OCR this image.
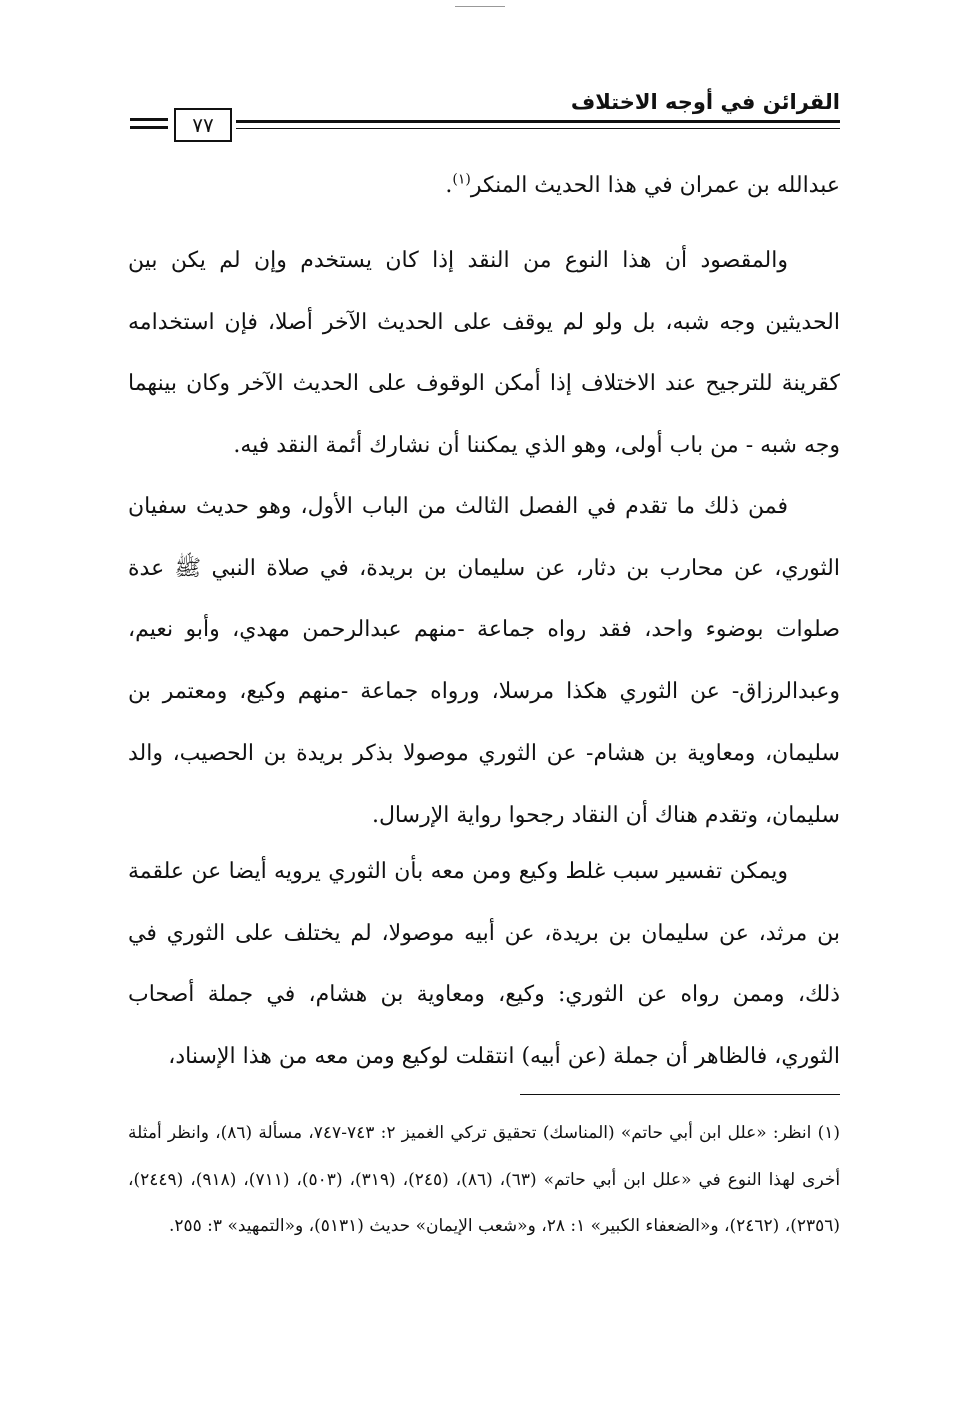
٧٧
القرائن في أوجه الاختلاف

عبدالله بن عمران في هذا الحديث المنكر$^{(١)}$.

والمقصود أن هذا النوع من النقد إذا كان يستخدم وإن لم يكن بين الحديثين وجه شبه، بل ولو لم يوقف على الحديث الآخر أصلا، فإن استخدامه كقرينة للترجيح عند الاختلاف إذا أمكن الوقوف على الحديث الآخر وكان بينهما وجه شبه - من باب أولى، وهو الذي يمكننا أن نشارك أئمة النقد فيه.

فمن ذلك ما تقدم في الفصل الثالث من الباب الأول، وهو حديث سفيان الثوري، عن محارب بن دثار، عن سليمان بن بريدة، في صلاة النبي ﷺ عدة صلوات بوضوء واحد، فقد رواه جماعة -منهم عبدالرحمن مهدي، وأبو نعيم، وعبدالرزاق- عن الثوري هكذا مرسلا، ورواه جماعة -منهم وكيع، ومعتمر بن سليمان، ومعاوية بن هشام- عن الثوري موصولا بذكر بريدة بن الحصيب، والد سليمان، وتقدم هناك أن النقاد رجحوا رواية الإرسال.

ويمكن تفسير سبب غلط وكيع ومن معه بأن الثوري يرويه أيضا عن علقمة بن مرثد، عن سليمان بن بريدة، عن أبيه موصولا، لم يختلف على الثوري في ذلك، وممن رواه عن الثوري: وكيع، ومعاوية بن هشام، في جملة أصحاب الثوري، فالظاهر أن جملة (عن أبيه) انتقلت لوكيع ومن معه من هذا الإسناد،

(١) انظر: «علل ابن أبي حاتم» (المناسك) تحقيق تركي الغميز ٢: ٧٤٣-٧٤٧، مسألة (٨٦)، وانظر أمثلة أخرى لهذا النوع في «علل ابن أبي حاتم» (٦٣)، (٨٦)، (٢٤٥)، (٣١٩)، (٥٠٣)، (٧١١)، (٩١٨)، (٢٤٤٩)، (٢٣٥٦)، (٢٤٦٢)، و«الضعفاء الكبير» ١: ٢٨، و«شعب الإيمان» حديث (٥١٣١)، و«التمهيد» ٣: ٢٥٥.
